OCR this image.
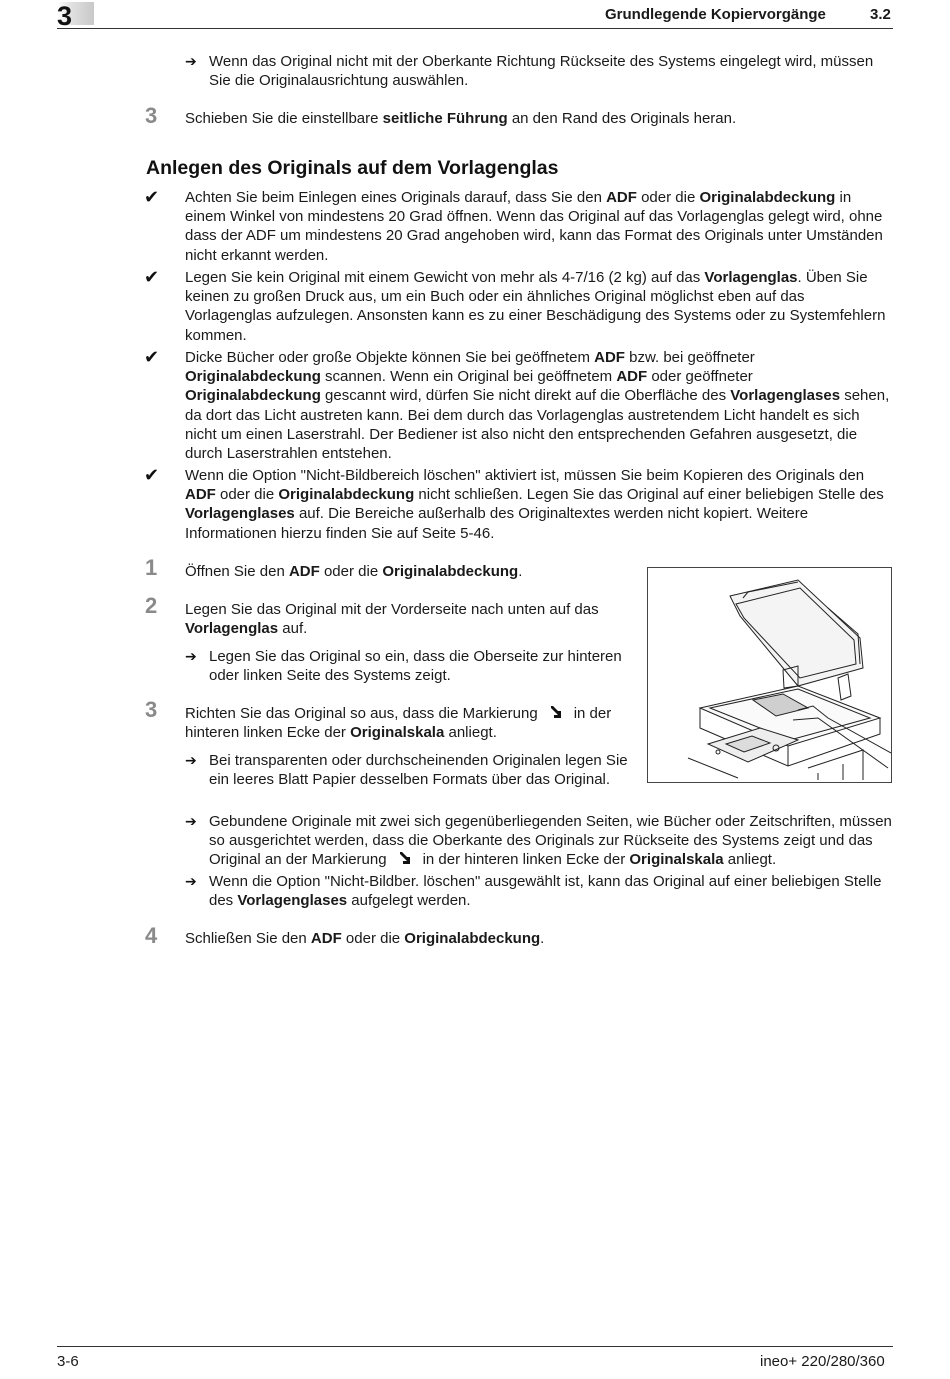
3	Grundlegende Kopiervorgänge	3.2
➔ Wenn das Original nicht mit der Oberkante Richtung Rückseite des Systems eingelegt wird, müssen Sie die Originalausrichtung auswählen.
3 Schieben Sie die einstellbare seitliche Führung an den Rand des Originals heran.
Anlegen des Originals auf dem Vorlagenglas
✔ Achten Sie beim Einlegen eines Originals darauf, dass Sie den ADF oder die Originalabdeckung in einem Winkel von mindestens 20 Grad öffnen. Wenn das Original auf das Vorlagenglas gelegt wird, ohne dass der ADF um mindestens 20 Grad angehoben wird, kann das Format des Originals unter Umständen nicht erkannt werden.
✔ Legen Sie kein Original mit einem Gewicht von mehr als 4-7/16 (2 kg) auf das Vorlagenglas. Üben Sie keinen zu großen Druck aus, um ein Buch oder ein ähnliches Original möglichst eben auf das Vorlagenglas aufzulegen. Ansonsten kann es zu einer Beschädigung des Systems oder zu Systemfehlern kommen.
✔ Dicke Bücher oder große Objekte können Sie bei geöffnetem ADF bzw. bei geöffneter Originalabdeckung scannen. Wenn ein Original bei geöffnetem ADF oder geöffneter Originalabdeckung gescannt wird, dürfen Sie nicht direkt auf die Oberfläche des Vorlagenglases sehen, da dort das Licht austreten kann. Bei dem durch das Vorlagenglas austretendem Licht handelt es sich nicht um einen Laserstrahl. Der Bediener ist also nicht den entsprechenden Gefahren ausgesetzt, die durch Laserstrahlen entstehen.
✔ Wenn die Option "Nicht-Bildbereich löschen" aktiviert ist, müssen Sie beim Kopieren des Originals den ADF oder die Originalabdeckung nicht schließen. Legen Sie das Original auf einer beliebigen Stelle des Vorlagenglases auf. Die Bereiche außerhalb des Originaltextes werden nicht kopiert. Weitere Informationen hierzu finden Sie auf Seite 5-46.
1 Öffnen Sie den ADF oder die Originalabdeckung.
2 Legen Sie das Original mit der Vorderseite nach unten auf das Vorlagenglas auf.
➔ Legen Sie das Original so ein, dass die Oberseite zur hinteren oder linken Seite des Systems zeigt.
3 Richten Sie das Original so aus, dass die Markierung in der hinteren linken Ecke der Originalskala anliegt.
➔ Bei transparenten oder durchscheinenden Originalen legen Sie ein leeres Blatt Papier desselben Formats über das Original.
➔ Gebundene Originale mit zwei sich gegenüberliegenden Seiten, wie Bücher oder Zeitschriften, müssen so ausgerichtet werden, dass die Oberkante des Originals zur Rückseite des Systems zeigt und das Original an der Markierung in der hinteren linken Ecke der Originalskala anliegt.
➔ Wenn die Option "Nicht-Bildber. löschen" ausgewählt ist, kann das Original auf einer beliebigen Stelle des Vorlagenglases aufgelegt werden.
4 Schließen Sie den ADF oder die Originalabdeckung.
3-6	ineo+ 220/280/360
